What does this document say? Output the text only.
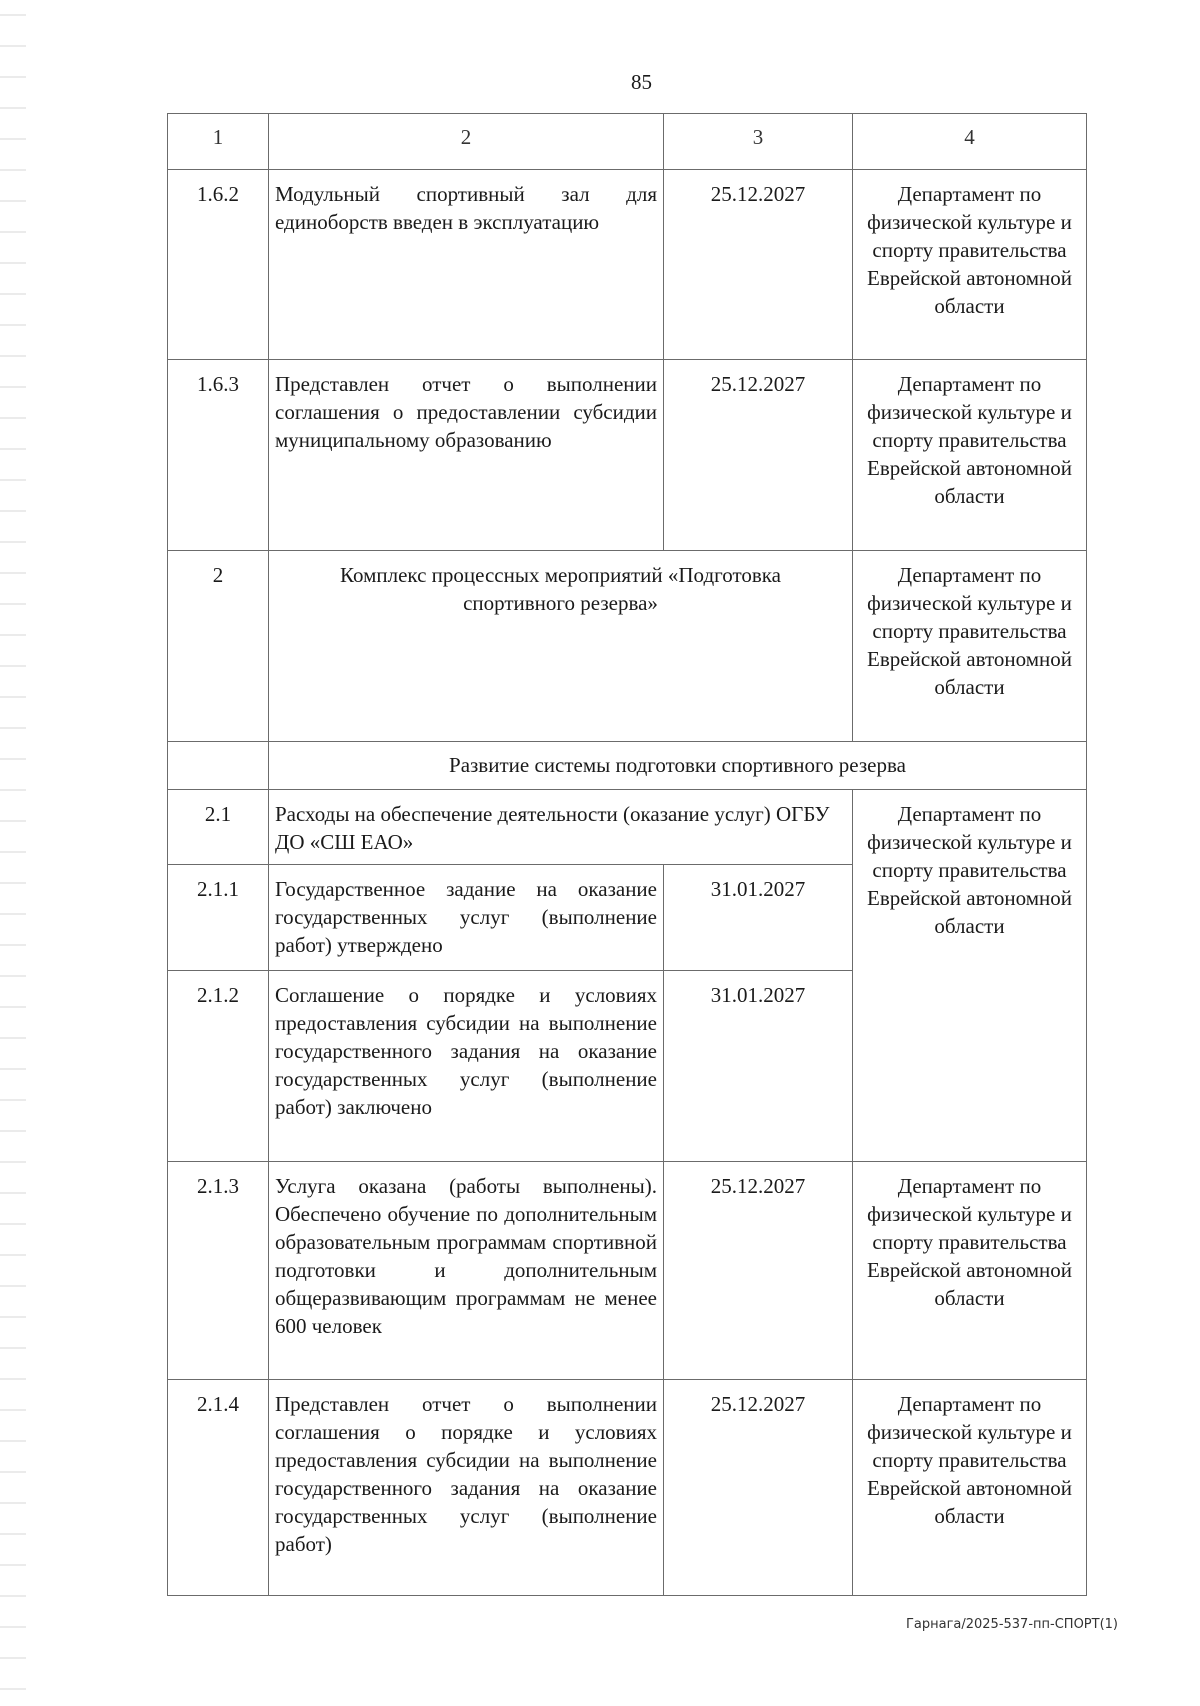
85
1	2	3	4
1.6.2	Модульный спортивный зал для единоборств введен в эксплуатацию	25.12.2027	Департамент по физической культуре и спорту правительства Еврейской автономной области
1.6.3	Представлен отчет о выполнении соглашения о предоставлении субсидии муниципальному образованию	25.12.2027	Департамент по физической культуре и спорту правительства Еврейской автономной области
2	Комплекс процессных мероприятий «Подготовка спортивного резерва»		Департамент по физической культуре и спорту правительства Еврейской автономной области
	Развитие системы подготовки спортивного резерва		
2.1	Расходы на обеспечение деятельности (оказание услуг) ОГБУ ДО «СШ ЕАО»		Департамент по физической культуре и спорту правительства Еврейской автономной области
2.1.1	Государственное задание на оказание государственных услуг (выполнение работ) утверждено	31.01.2027	
2.1.2	Соглашение о порядке и условиях предоставления субсидии на выполнение государственного задания на оказание государственных услуг (выполнение работ) заключено	31.01.2027	
2.1.3	Услуга оказана (работы выполнены). Обеспечено обучение по дополнительным образовательным программам спортивной подготовки и дополнительным общеразвивающим программам не менее 600 человек	25.12.2027	Департамент по физической культуре и спорту правительства Еврейской автономной области
2.1.4	Представлен отчет о выполнении соглашения о порядке и условиях предоставления субсидии на выполнение государственного задания на оказание государственных услуг (выполнение работ)	25.12.2027	Департамент по физической культуре и спорту правительства Еврейской автономной области
Гарнага/2025-537-пп-СПОРТ(1)
